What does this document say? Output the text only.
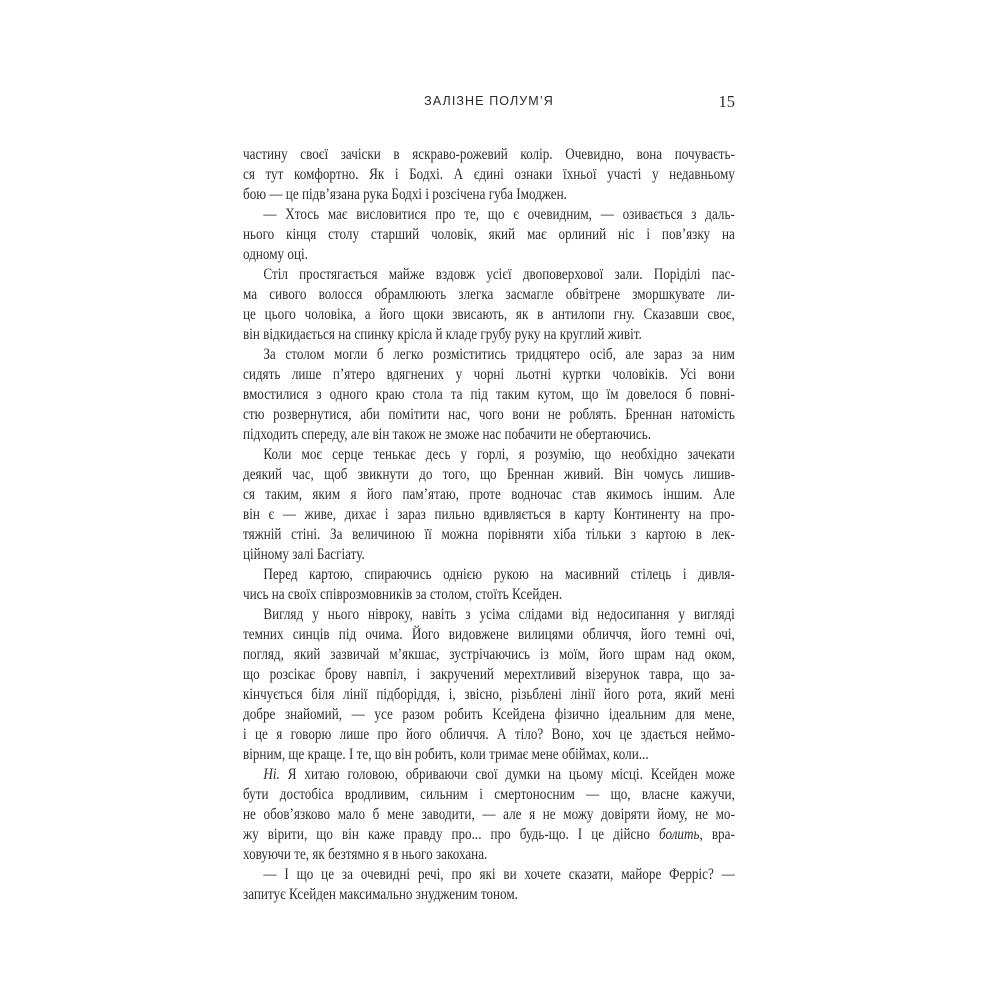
ЗАЛІЗНЕ ПОЛУМ’Я	15
частину своєї зачіски в яскраво-рожевий колір. Очевидно, вона почуваєть-
ся тут комфортно. Як і Бодхі. А єдині ознаки їхньої участі у недавньому
бою — це підв’язана рука Бодхі і розсічена губа Імоджен.
— Хтось має висловитися про те, що є очевидним, — озивається з даль-
нього кінця столу старший чоловік, який має орлиний ніс і пов’язку на
одному оці.
Стіл простягається майже вздовж усієї двоповерхової зали. Поріділі пас-
ма сивого волосся обрамлюють злегка засмагле обвітрене зморшкувате ли-
це цього чоловіка, а його щоки звисають, як в антилопи гну. Сказавши своє,
він відкидається на спинку крісла й кладе грубу руку на круглий живіт.
За столом могли б легко розміститись тридцятеро осіб, але зараз за ним
сидять лише п’ятеро вдягнених у чорні льотні куртки чоловіків. Усі вони
вмостилися з одного краю стола та під таким кутом, що їм довелося б повні-
стю розвернутися, аби помітити нас, чого вони не роблять. Бреннан натомість
підходить спереду, але він також не зможе нас побачити не обертаючись.
Коли моє серце тенькає десь у горлі, я розумію, що необхідно зачекати
деякий час, щоб звикнути до того, що Бреннан живий. Він чомусь лишив-
ся таким, яким я його пам’ятаю, проте водночас став якимось іншим. Але
він є — живе, дихає і зараз пильно вдивляється в карту Континенту на про-
тяжній стіні. За величиною її можна порівняти хіба тільки з картою в лек-
ційному залі Басгіату.
Перед картою, спираючись однією рукою на масивний стілець і дивля-
чись на своїх співрозмовників за столом, стоїть Ксейден.
Вигляд у нього нівроку, навіть з усіма слідами від недосипання у вигляді
темних синців під очима. Його видовжене вилицями обличчя, його темні очі,
погляд, який зазвичай м’якшає, зустрічаючись із моїм, його шрам над оком,
що розсікає брову навпіл, і закручений мерехтливий візерунок тавра, що за-
кінчується біля лінії підборіддя, і, звісно, різьблені лінії його рота, який мені
добре знайомий, — усе разом робить Ксейдена фізично ідеальним для мене,
і це я говорю лише про його обличчя. А тіло? Воно, хоч це здається неймо-
вірним, ще краще. І те, що він робить, коли тримає мене обіймах, коли...
Ні. Я хитаю головою, обриваючи свої думки на цьому місці. Ксейден може
бути достобіса вродливим, сильним і смертоносним — що, власне кажучи,
не обов’язково мало б мене заводити, — але я не можу довіряти йому, не мо-
жу вірити, що він каже правду про... про будь-що. І це дійсно болить, вра-
ховуючи те, як безтямно я в нього закохана.
— І що це за очевидні речі, про які ви хочете сказати, майоре Ферріс? —
запитує Ксейден максимально знудженим тоном.
